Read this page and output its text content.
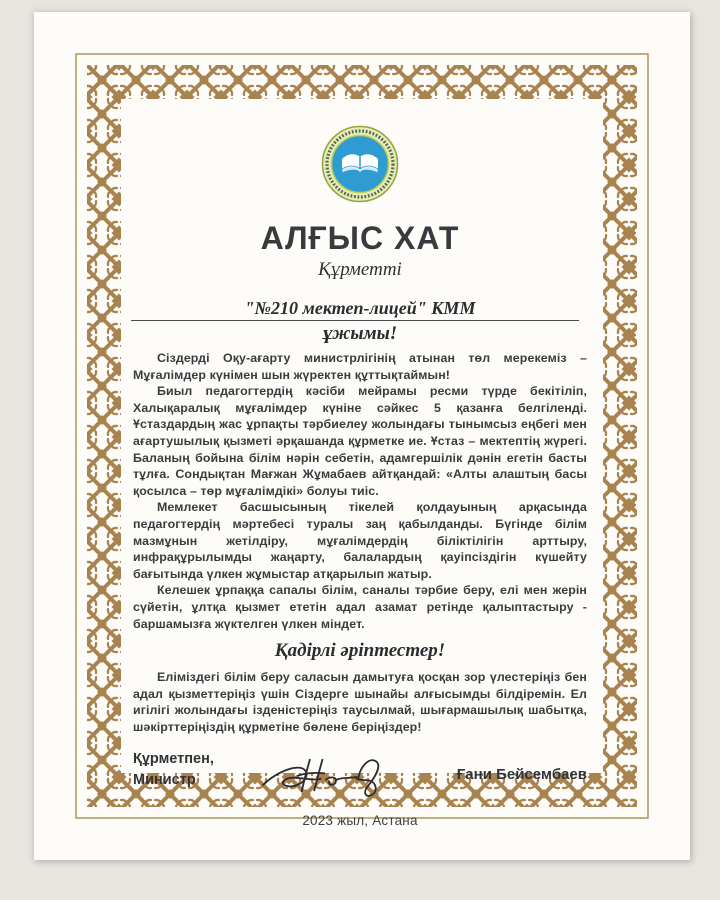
АЛҒЫС ХАТ
Құрметті
"№210 мектеп-лицей" КММ
ұжымы!

Сіздерді Оқу-ағарту министрлігінің атынан төл мерекеміз – Мұғалімдер күнімен шын жүректен құттықтаймын!

Биыл педагогтердің кәсіби мейрамы ресми түрде бекітіліп, Халықаралық мұғалімдер күніне сәйкес 5 қазанға белгіленді. Ұстаздардың жас ұрпақты тәрбиелеу жолындағы тынымсыз еңбегі мен ағартушылық қызметі әрқашанда құрметке ие. Ұстаз – мектептің жүрегі. Баланың бойына білім нәрін себетін, адамгершілік дәнін егетін басты тұлға. Сондықтан Мағжан Жұмабаев айтқандай: «Алты алаштың басы қосылса – төр мұғалімдікі» болуы тиіс.

Мемлекет басшысының тікелей қолдауының арқасында педагогтердің мәртебесі туралы заң қабылданды. Бүгінде білім мазмұнын жетілдіру, мұғалімдердің біліктілігін арттыру, инфрақұрылымды жаңарту, балалардың қауіпсіздігін күшейту бағытында үлкен жұмыстар атқарылып жатыр.

Келешек ұрпаққа сапалы білім, саналы тәрбие беру, елі мен жерін сүйетін, ұлтқа қызмет ететін адал азамат ретінде қалыптастыру - баршамызға жүктелген үлкен міндет.

Қадірлі әріптестер!

Еліміздегі білім беру саласын дамытуға қосқан зор үлестеріңіз бен адал қызметтеріңіз үшін Сіздерге шынайы алғысымды білдіремін. Ел игілігі жолындағы ізденістеріңіз таусылмай, шығармашылық шабытқа, шәкірттеріңіздің құрметіне бөлене беріңіздер!

Құрметпен,
Министр	Ғани Бейсембаев
2023 жыл, Астана
